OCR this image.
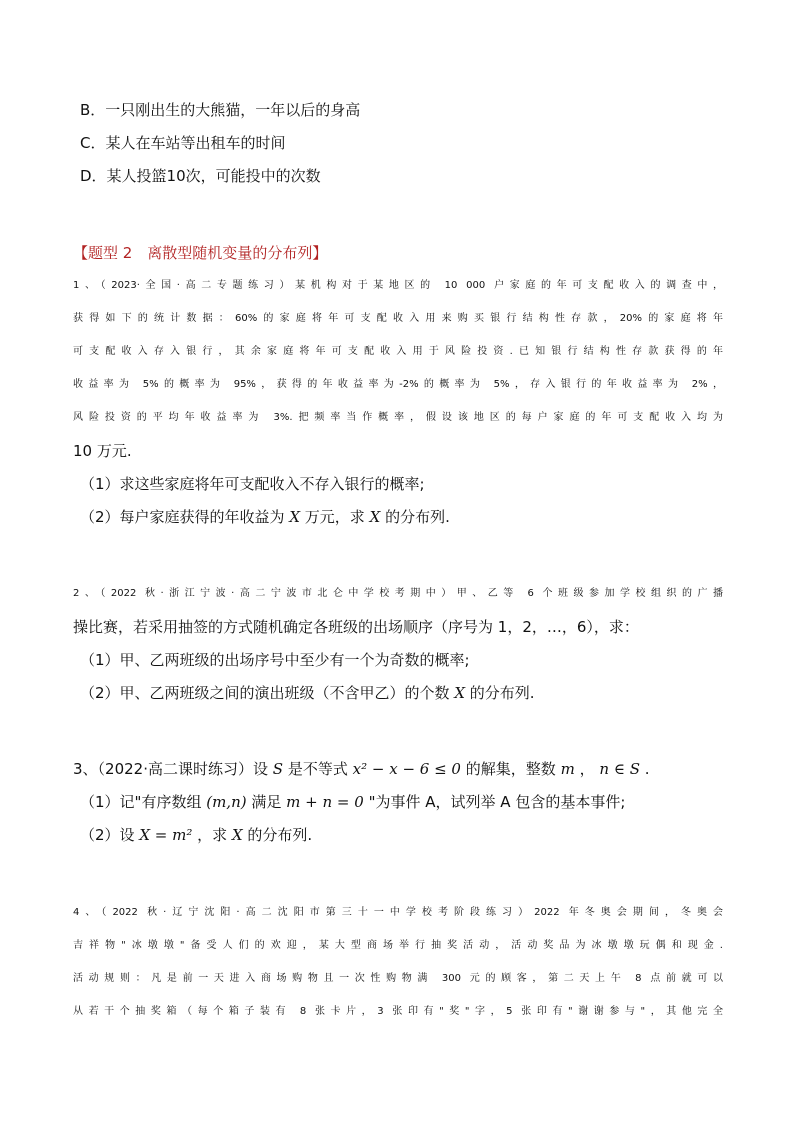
B．一只刚出生的大熊猫，一年以后的身高
C．某人在车站等出租车的时间
D．某人投篮10次，可能投中的次数
【题型 2　离散型随机变量的分布列】
1、（2023·全国·高二专题练习）某机构对于某地区的 10 000 户家庭的年可支配收入的调查中，
获得如下的统计数据：60%的家庭将年可支配收入用来购买银行结构性存款，20%的家庭将年
可支配收入存入银行，其余家庭将年可支配收入用于风险投资.已知银行结构性存款获得的年
收益率为 5%的概率为 95%，获得的年收益率为-2%的概率为 5%，存入银行的年收益率为 2%，
风险投资的平均年收益率为 3%.把频率当作概率，假设该地区的每户家庭的年可支配收入均为
10 万元.
（1）求这些家庭将年可支配收入不存入银行的概率;
（2）每户家庭获得的年收益为 X 万元，求 X 的分布列.
2、（2022 秋·浙江宁波·高二宁波市北仑中学校考期中）甲、乙等 6 个班级参加学校组织的广播
操比赛，若采用抽签的方式随机确定各班级的出场顺序（序号为 1，2，…，6），求：
（1）甲、乙两班级的出场序号中至少有一个为奇数的概率;
（2）甲、乙两班级之间的演出班级（不含甲乙）的个数 X 的分布列.
3、（2022·高二课时练习）设 S 是不等式 x² − x − 6 ≤ 0 的解集，整数 m ， n ∈ S .
（1）记"有序数组 (m,n) 满足 m + n = 0 "为事件 A，试列举 A 包含的基本事件;
（2）设 X = m² ，求 X 的分布列.
4、（2022 秋·辽宁沈阳·高二沈阳市第三十一中学校考阶段练习）2022 年冬奥会期间，冬奥会
吉祥物"冰墩墩"备受人们的欢迎，某大型商场举行抽奖活动，活动奖品为冰墩墩玩偶和现金.
活动规则：凡是前一天进入商场购物且一次性购物满 300 元的顾客，第二天上午 8 点前就可以
从若干个抽奖箱（每个箱子装有 8 张卡片，3 张印有"奖"字，5 张印有"谢谢参与"，其他完全
